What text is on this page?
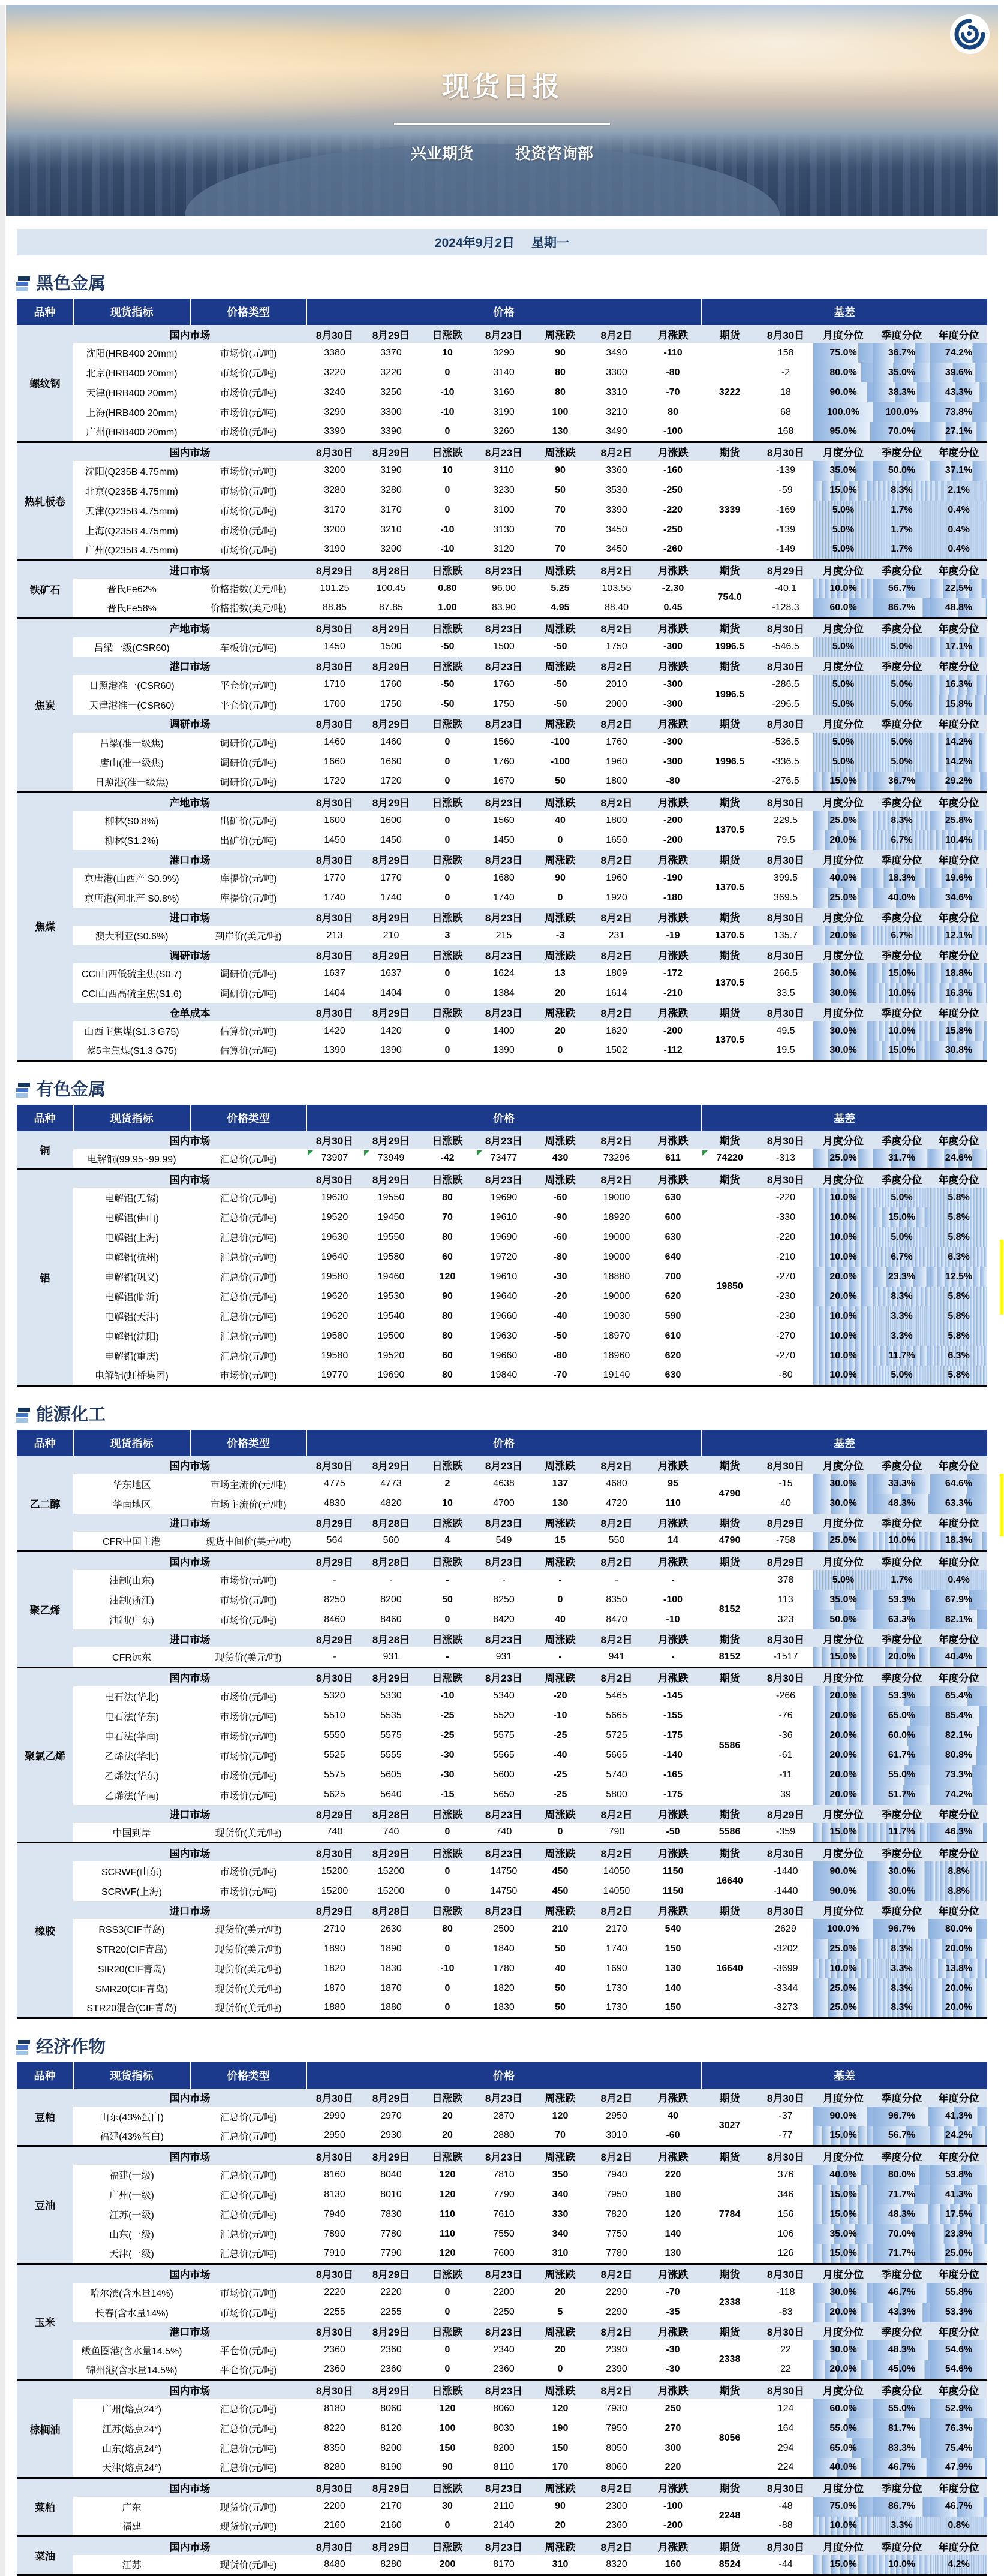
现货日报
兴业期货	投资咨询部
2024年9月2日 星期一
黑色金属
品种	现货指标	价格类型	价格							基差				
螺纹钢	国内市场		8月30日	8月29日	日涨跌	8月23日	周涨跌	8月2日	月涨跌	期货	8月30日	月度分位	季度分位	年度分位
	沈阳(HRB400 20mm)	市场价(元/吨)	3380	3370	10	3290	90	3490	-110		158	75.0%	36.7%	74.2%
	北京(HRB400 20mm)	市场价(元/吨)	3220	3220	0	3140	80	3300	-80		-2	80.0%	35.0%	39.6%
	天津(HRB400 20mm)	市场价(元/吨)	3240	3250	-10	3160	80	3310	-70	3222	18	90.0%	38.3%	43.3%
	上海(HRB400 20mm)	市场价(元/吨)	3290	3300	-10	3190	100	3210	80		68	100.0%	100.0%	73.8%
	广州(HRB400 20mm)	市场价(元/吨)	3390	3390	0	3260	130	3490	-100		168	95.0%	70.0%	27.1%
热轧板卷	国内市场		8月30日	8月29日	日涨跌	8月23日	周涨跌	8月2日	月涨跌	期货	8月30日	月度分位	季度分位	年度分位
	沈阳(Q235B 4.75mm)	市场价(元/吨)	3200	3190	10	3110	90	3360	-160		-139	35.0%	50.0%	37.1%
	北京(Q235B 4.75mm)	市场价(元/吨)	3280	3280	0	3230	50	3530	-250		-59	15.0%	8.3%	2.1%
	天津(Q235B 4.75mm)	市场价(元/吨)	3170	3170	0	3100	70	3390	-220	3339	-169	5.0%	1.7%	0.4%
	上海(Q235B 4.75mm)	市场价(元/吨)	3200	3210	-10	3130	70	3450	-250		-139	5.0%	1.7%	0.4%
	广州(Q235B 4.75mm)	市场价(元/吨)	3190	3200	-10	3120	70	3450	-260		-149	5.0%	1.7%	0.4%
铁矿石	进口市场		8月29日	8月28日	日涨跌	8月23日	周涨跌	8月2日	月涨跌	期货	8月29日	月度分位	季度分位	年度分位
	普氏Fe62%	价格指数(美元/吨)	101.25	100.45	0.80	96.00	5.25	103.55	-2.30	754.0	-40.1	10.0%	56.7%	22.5%
	普氏Fe58%	价格指数(美元/吨)	88.85	87.85	1.00	83.90	4.95	88.40	0.45		-128.3	60.0%	86.7%	48.8%
焦炭	产地市场		8月30日	8月29日	日涨跌	8月23日	周涨跌	8月2日	月涨跌	期货	8月30日	月度分位	季度分位	年度分位
	吕梁一级(CSR60)	车板价(元/吨)	1450	1500	-50	1500	-50	1750	-300	1996.5	-546.5	5.0%	5.0%	17.1%
	港口市场		8月30日	8月29日	日涨跌	8月23日	周涨跌	8月2日	月涨跌	期货	8月30日	月度分位	季度分位	年度分位
	日照港准一(CSR60)	平仓价(元/吨)	1710	1760	-50	1760	-50	2010	-300	1996.5	-286.5	5.0%	5.0%	16.3%
	天津港准一(CSR60)	平仓价(元/吨)	1700	1750	-50	1750	-50	2000	-300		-296.5	5.0%	5.0%	15.8%
	调研市场		8月30日	8月29日	日涨跌	8月23日	周涨跌	8月2日	月涨跌	期货	8月30日	月度分位	季度分位	年度分位
	吕梁(准一级焦)	调研价(元/吨)	1460	1460	0	1560	-100	1760	-300		-536.5	5.0%	5.0%	14.2%
	唐山(准一级焦)	调研价(元/吨)	1660	1660	0	1760	-100	1960	-300	1996.5	-336.5	5.0%	5.0%	14.2%
	日照港(准一级焦)	调研价(元/吨)	1720	1720	0	1670	50	1800	-80		-276.5	15.0%	36.7%	29.2%
焦煤	产地市场		8月30日	8月29日	日涨跌	8月23日	周涨跌	8月2日	月涨跌	期货	8月30日	月度分位	季度分位	年度分位
	柳林(S0.8%)	出矿价(元/吨)	1600	1600	0	1560	40	1800	-200	1370.5	229.5	25.0%	8.3%	25.8%
	柳林(S1.2%)	出矿价(元/吨)	1450	1450	0	1450	0	1650	-200		79.5	20.0%	6.7%	10.4%
	港口市场		8月30日	8月29日	日涨跌	8月23日	周涨跌	8月2日	月涨跌	期货	8月30日	月度分位	季度分位	年度分位
	京唐港(山西产 S0.9%)	库提价(元/吨)	1770	1770	0	1680	90	1960	-190	1370.5	399.5	40.0%	18.3%	19.6%
	京唐港(河北产 S0.8%)	库提价(元/吨)	1740	1740	0	1740	0	1920	-180		369.5	25.0%	40.0%	34.6%
	进口市场		8月30日	8月29日	日涨跌	8月23日	周涨跌	8月2日	月涨跌	期货	8月30日	月度分位	季度分位	年度分位
	澳大利亚(S0.6%)	到岸价(美元/吨)	213	210	3	215	-3	231	-19	1370.5	135.7	20.0%	6.7%	12.1%
	调研市场		8月30日	8月29日	日涨跌	8月23日	周涨跌	8月2日	月涨跌	期货	8月30日	月度分位	季度分位	年度分位
	CCI山西低硫主焦(S0.7)	调研价(元/吨)	1637	1637	0	1624	13	1809	-172	1370.5	266.5	30.0%	15.0%	18.8%
	CCI山西高硫主焦(S1.6)	调研价(元/吨)	1404	1404	0	1384	20	1614	-210		33.5	30.0%	10.0%	16.3%
	仓单成本		8月30日	8月29日	日涨跌	8月23日	周涨跌	8月2日	月涨跌	期货	8月30日	月度分位	季度分位	年度分位
	山西主焦煤(S1.3 G75)	估算价(元/吨)	1420	1420	0	1400	20	1620	-200	1370.5	49.5	30.0%	10.0%	15.8%
	蒙5主焦煤(S1.3 G75)	估算价(元/吨)	1390	1390	0	1390	0	1502	-112		19.5	30.0%	15.0%	30.8%
有色金属
品种	现货指标	价格类型	价格							基差				
铜	国内市场		8月30日	8月29日	日涨跌	8月23日	周涨跌	8月2日	月涨跌	期货	8月30日	月度分位	季度分位	年度分位
	电解铜(99.95~99.99)	汇总价(元/吨)	73907	73949	-42	73477	430	73296	611	74220	-313	25.0%	31.7%	24.6%
铝	国内市场		8月30日	8月29日	日涨跌	8月23日	周涨跌	8月2日	月涨跌	期货	8月30日	月度分位	季度分位	年度分位
	电解铝(无锡)	汇总价(元/吨)	19630	19550	80	19690	-60	19000	630		-220	10.0%	5.0%	5.8%
	电解铝(佛山)	汇总价(元/吨)	19520	19450	70	19610	-90	18920	600		-330	10.0%	15.0%	5.8%
	电解铝(上海)	汇总价(元/吨)	19630	19550	80	19690	-60	19000	630		-220	10.0%	5.0%	5.8%
	电解铝(杭州)	汇总价(元/吨)	19640	19580	60	19720	-80	19000	640		-210	10.0%	6.7%	6.3%
	电解铝(巩义)	汇总价(元/吨)	19580	19460	120	19610	-30	18880	700	19850	-270	20.0%	23.3%	12.5%
	电解铝(临沂)	汇总价(元/吨)	19620	19530	90	19640	-20	19000	620		-230	20.0%	8.3%	5.8%
	电解铝(天津)	汇总价(元/吨)	19620	19540	80	19660	-40	19030	590		-230	10.0%	3.3%	5.8%
	电解铝(沈阳)	汇总价(元/吨)	19580	19500	80	19630	-50	18970	610		-270	10.0%	3.3%	5.8%
	电解铝(重庆)	汇总价(元/吨)	19580	19520	60	19660	-80	18960	620		-270	10.0%	11.7%	6.3%
	电解铝(虹桥集团)	市场价(元/吨)	19770	19690	80	19840	-70	19140	630		-80	10.0%	5.0%	5.8%
能源化工
品种	现货指标	价格类型	价格							基差				
乙二醇	国内市场		8月30日	8月29日	日涨跌	8月23日	周涨跌	8月2日	月涨跌	期货	8月30日	月度分位	季度分位	年度分位
	华东地区	市场主流价(元/吨)	4775	4773	2	4638	137	4680	95	4790	-15	30.0%	33.3%	64.6%
	华南地区	市场主流价(元/吨)	4830	4820	10	4700	130	4720	110		40	30.0%	48.3%	63.3%
	进口市场		8月29日	8月28日	日涨跌	8月23日	周涨跌	8月2日	月涨跌	期货	8月29日	月度分位	季度分位	年度分位
	CFR中国主港	现货中间价(美元/吨)	564	560	4	549	15	550	14	4790	-758	25.0%	10.0%	18.3%
聚乙烯	国内市场		8月29日	8月28日	日涨跌	8月23日	周涨跌	8月2日	月涨跌	期货	8月29日	月度分位	季度分位	年度分位
	油制(山东)	市场价(元/吨)	-	-	-	-	-	-	-		378	5.0%	1.7%	0.4%
	油制(浙江)	市场价(元/吨)	8250	8200	50	8250	0	8350	-100	8152	113	35.0%	53.3%	67.9%
	油制(广东)	市场价(元/吨)	8460	8460	0	8420	40	8470	-10		323	50.0%	63.3%	82.1%
	进口市场		8月29日	8月28日	日涨跌	8月23日	周涨跌	8月2日	月涨跌	期货	8月30日	月度分位	季度分位	年度分位
	CFR远东	现货价(美元/吨)	-	931	-	931	-	941	-	8152	-1517	15.0%	20.0%	40.4%
聚氯乙烯	国内市场		8月30日	8月29日	日涨跌	8月23日	周涨跌	8月2日	月涨跌	期货	8月30日	月度分位	季度分位	年度分位
	电石法(华北)	市场价(元/吨)	5320	5330	-10	5340	-20	5465	-145		-266	20.0%	53.3%	65.4%
	电石法(华东)	市场价(元/吨)	5510	5535	-25	5520	-10	5665	-155		-76	20.0%	65.0%	85.4%
	电石法(华南)	市场价(元/吨)	5550	5575	-25	5575	-25	5725	-175	5586	-36	20.0%	60.0%	82.1%
	乙烯法(华北)	市场价(元/吨)	5525	5555	-30	5565	-40	5665	-140		-61	20.0%	61.7%	80.8%
	乙烯法(华东)	市场价(元/吨)	5575	5605	-30	5600	-25	5740	-165		-11	20.0%	55.0%	73.3%
	乙烯法(华南)	市场价(元/吨)	5625	5640	-15	5650	-25	5800	-175		39	20.0%	51.7%	74.2%
	进口市场		8月29日	8月28日	日涨跌	8月23日	周涨跌	8月2日	月涨跌	期货	8月29日	月度分位	季度分位	年度分位
	中国到岸	现货价(美元/吨)	740	740	0	740	0	790	-50	5586	-359	15.0%	11.7%	46.3%
橡胶	国内市场		8月30日	8月29日	日涨跌	8月23日	周涨跌	8月2日	月涨跌	期货	8月30日	月度分位	季度分位	年度分位
	SCRWF(山东)	市场价(元/吨)	15200	15200	0	14750	450	14050	1150	16640	-1440	90.0%	30.0%	8.8%
	SCRWF(上海)	市场价(元/吨)	15200	15200	0	14750	450	14050	1150		-1440	90.0%	30.0%	8.8%
	进口市场		8月29日	8月28日	日涨跌	8月23日	周涨跌	8月2日	月涨跌	期货	8月30日	月度分位	季度分位	年度分位
	RSS3(CIF青岛)	现货价(美元/吨)	2710	2630	80	2500	210	2170	540		2629	100.0%	96.7%	80.0%
	STR20(CIF青岛)	现货价(美元/吨)	1890	1890	0	1840	50	1740	150		-3202	25.0%	8.3%	20.0%
	SIR20(CIF青岛)	现货价(美元/吨)	1820	1830	-10	1780	40	1690	130	16640	-3699	10.0%	3.3%	13.8%
	SMR20(CIF青岛)	现货价(美元/吨)	1870	1870	0	1820	50	1730	140		-3344	25.0%	8.3%	20.0%
	STR20混合(CIF青岛)	现货价(美元/吨)	1880	1880	0	1830	50	1730	150		-3273	25.0%	8.3%	20.0%
经济作物
品种	现货指标	价格类型	价格							基差				
豆粕	国内市场		8月30日	8月29日	日涨跌	8月23日	周涨跌	8月2日	月涨跌	期货	8月30日	月度分位	季度分位	年度分位
	山东(43%蛋白)	汇总价(元/吨)	2990	2970	20	2870	120	2950	40	3027	-37	90.0%	96.7%	41.3%
	福建(43%蛋白)	汇总价(元/吨)	2950	2930	20	2880	70	3010	-60		-77	15.0%	56.7%	24.2%
豆油	国内市场		8月30日	8月29日	日涨跌	8月23日	周涨跌	8月2日	月涨跌	期货	8月30日	月度分位	季度分位	年度分位
	福建(一级)	汇总价(元/吨)	8160	8040	120	7810	350	7940	220		376	40.0%	80.0%	53.8%
	广州(一级)	汇总价(元/吨)	8130	8010	120	7790	340	7950	180		346	15.0%	71.7%	41.3%
	江苏(一级)	汇总价(元/吨)	7940	7830	110	7610	330	7820	120	7784	156	15.0%	48.3%	17.5%
	山东(一级)	汇总价(元/吨)	7890	7780	110	7550	340	7750	140		106	35.0%	70.0%	23.8%
	天津(一级)	汇总价(元/吨)	7910	7790	120	7600	310	7780	130		126	15.0%	71.7%	25.0%
玉米	国内市场		8月30日	8月29日	日涨跌	8月23日	周涨跌	8月2日	月涨跌	期货	8月30日	月度分位	季度分位	年度分位
	哈尔滨(含水量14%)	市场价(元/吨)	2220	2220	0	2200	20	2290	-70	2338	-118	30.0%	46.7%	55.8%
	长春(含水量14%)	市场价(元/吨)	2255	2255	0	2250	5	2290	-35		-83	20.0%	43.3%	53.3%
	港口市场		8月30日	8月29日	日涨跌	8月23日	周涨跌	8月2日	月涨跌	期货	8月30日	月度分位	季度分位	年度分位
	鲅鱼圈港(含水量14.5%)	平仓价(元/吨)	2360	2360	0	2340	20	2390	-30	2338	22	30.0%	48.3%	54.6%
	锦州港(含水量14.5%)	平仓价(元/吨)	2360	2360	0	2360	0	2390	-30		22	20.0%	45.0%	54.6%
棕榈油	国内市场		8月30日	8月29日	日涨跌	8月23日	周涨跌	8月2日	月涨跌	期货	8月30日	月度分位	季度分位	年度分位
	广州(熔点24°)	汇总价(元/吨)	8180	8060	120	8060	120	7930	250		124	60.0%	55.0%	52.9%
	江苏(熔点24°)	汇总价(元/吨)	8220	8120	100	8030	190	7950	270	8056	164	55.0%	81.7%	76.3%
	山东(熔点24°)	汇总价(元/吨)	8350	8200	150	8200	150	8050	300		294	65.0%	83.3%	75.4%
	天津(熔点24°)	汇总价(元/吨)	8280	8190	90	8110	170	8060	220		224	40.0%	46.7%	47.9%
菜粕	国内市场		8月30日	8月29日	日涨跌	8月23日	周涨跌	8月2日	月涨跌	期货	8月30日	月度分位	季度分位	年度分位
	广东	现货价(元/吨)	2200	2170	30	2110	90	2300	-100	2248	-48	75.0%	86.7%	46.7%
	福建	现货价(元/吨)	2160	2160	0	2140	20	2360	-200		-88	10.0%	3.3%	0.8%
菜油	国内市场		8月30日	8月29日	日涨跌	8月23日	周涨跌	8月2日	月涨跌	期货	8月30日	月度分位	季度分位	年度分位
	江苏	现货价(元/吨)	8480	8280	200	8170	310	8320	160	8524	-44	15.0%	10.0%	4.2%
